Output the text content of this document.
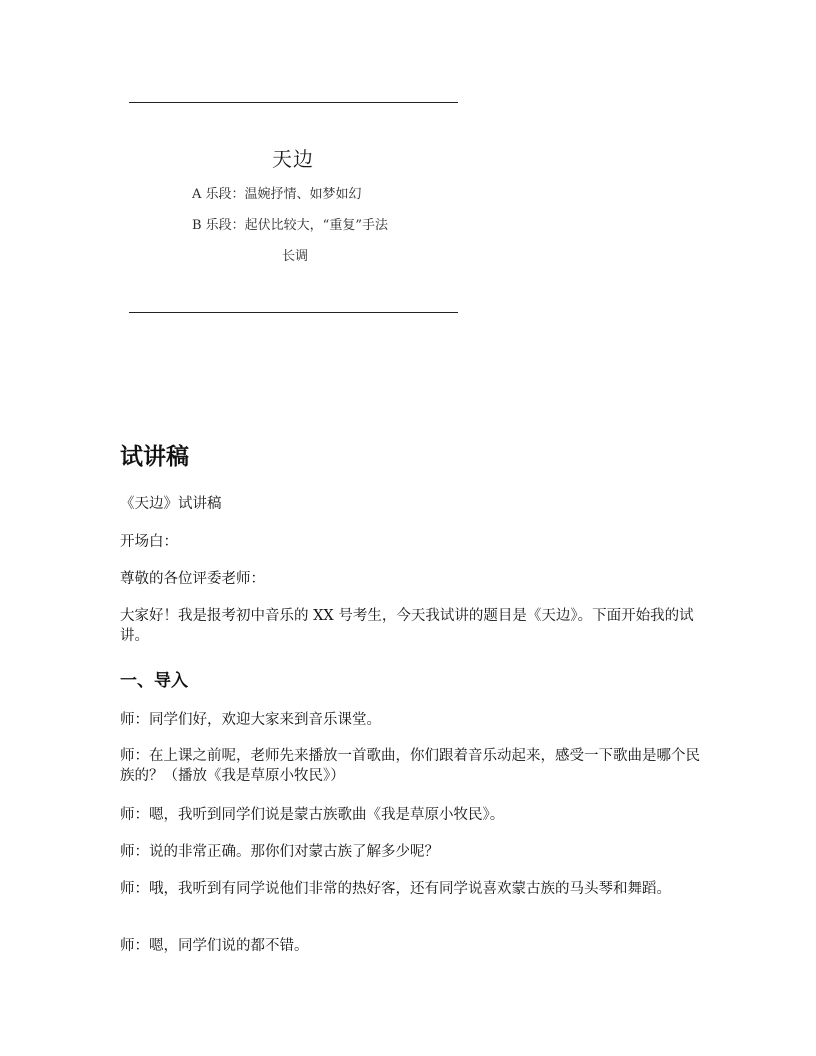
天边
A 乐段：温婉抒情、如梦如幻
B 乐段：起伏比较大，“重复”手法
长调
试讲稿

《天边》试讲稿

开场白：

尊敬的各位评委老师：

大家好！我是报考初中音乐的 XX 号考生，今天我试讲的题目是《天边》。下面开始我的试讲。

一、导入

师：同学们好，欢迎大家来到音乐课堂。

师：在上课之前呢，老师先来播放一首歌曲，你们跟着音乐动起来，感受一下歌曲是哪个民族的？（播放《我是草原小牧民》）

师：嗯，我听到同学们说是蒙古族歌曲《我是草原小牧民》。

师：说的非常正确。那你们对蒙古族了解多少呢？

师：哦，我听到有同学说他们非常的热好客，还有同学说喜欢蒙古族的马头琴和舞蹈。

师：嗯，同学们说的都不错。
